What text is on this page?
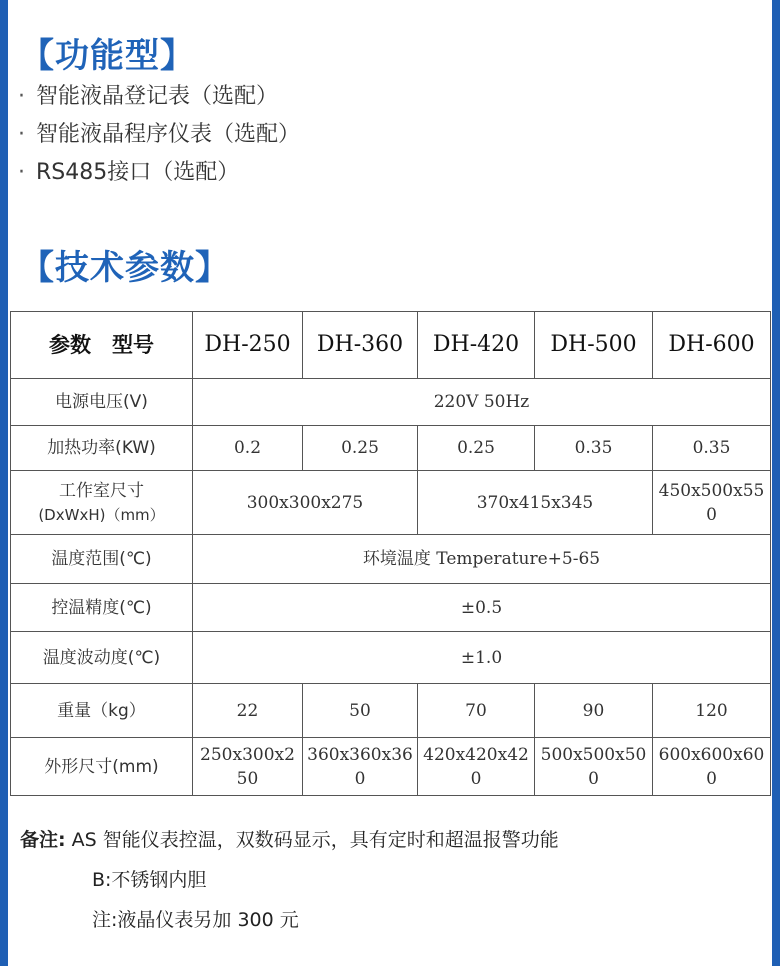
【功能型】
· 智能液晶登记表（选配）
· 智能液晶程序仪表（选配）
· RS485接口（选配）
【技术参数】
参数　型号	DH-250	DH-360	DH-420	DH-500	DH-600
电源电压(V)	220V 50Hz				
加热功率(KW)	0.2	0.25	0.25	0.35	0.35

工作室尺寸
(DxWxH)（mm）	300x300x275		370x415x345		450x500x550
温度范围(℃)	环境温度 Temperature+5-65				
控温精度(℃)	±0.5				
温度波动度(℃)	±1.0				
重量（kg）	22	50	70	90	120
外形尺寸(mm)	250x300x250	360x360x360	420x420x420	500x500x500	600x600x600
备注: AS 智能仪表控温，双数码显示，具有定时和超温报警功能
B:不锈钢内胆
注:液晶仪表另加 300 元
